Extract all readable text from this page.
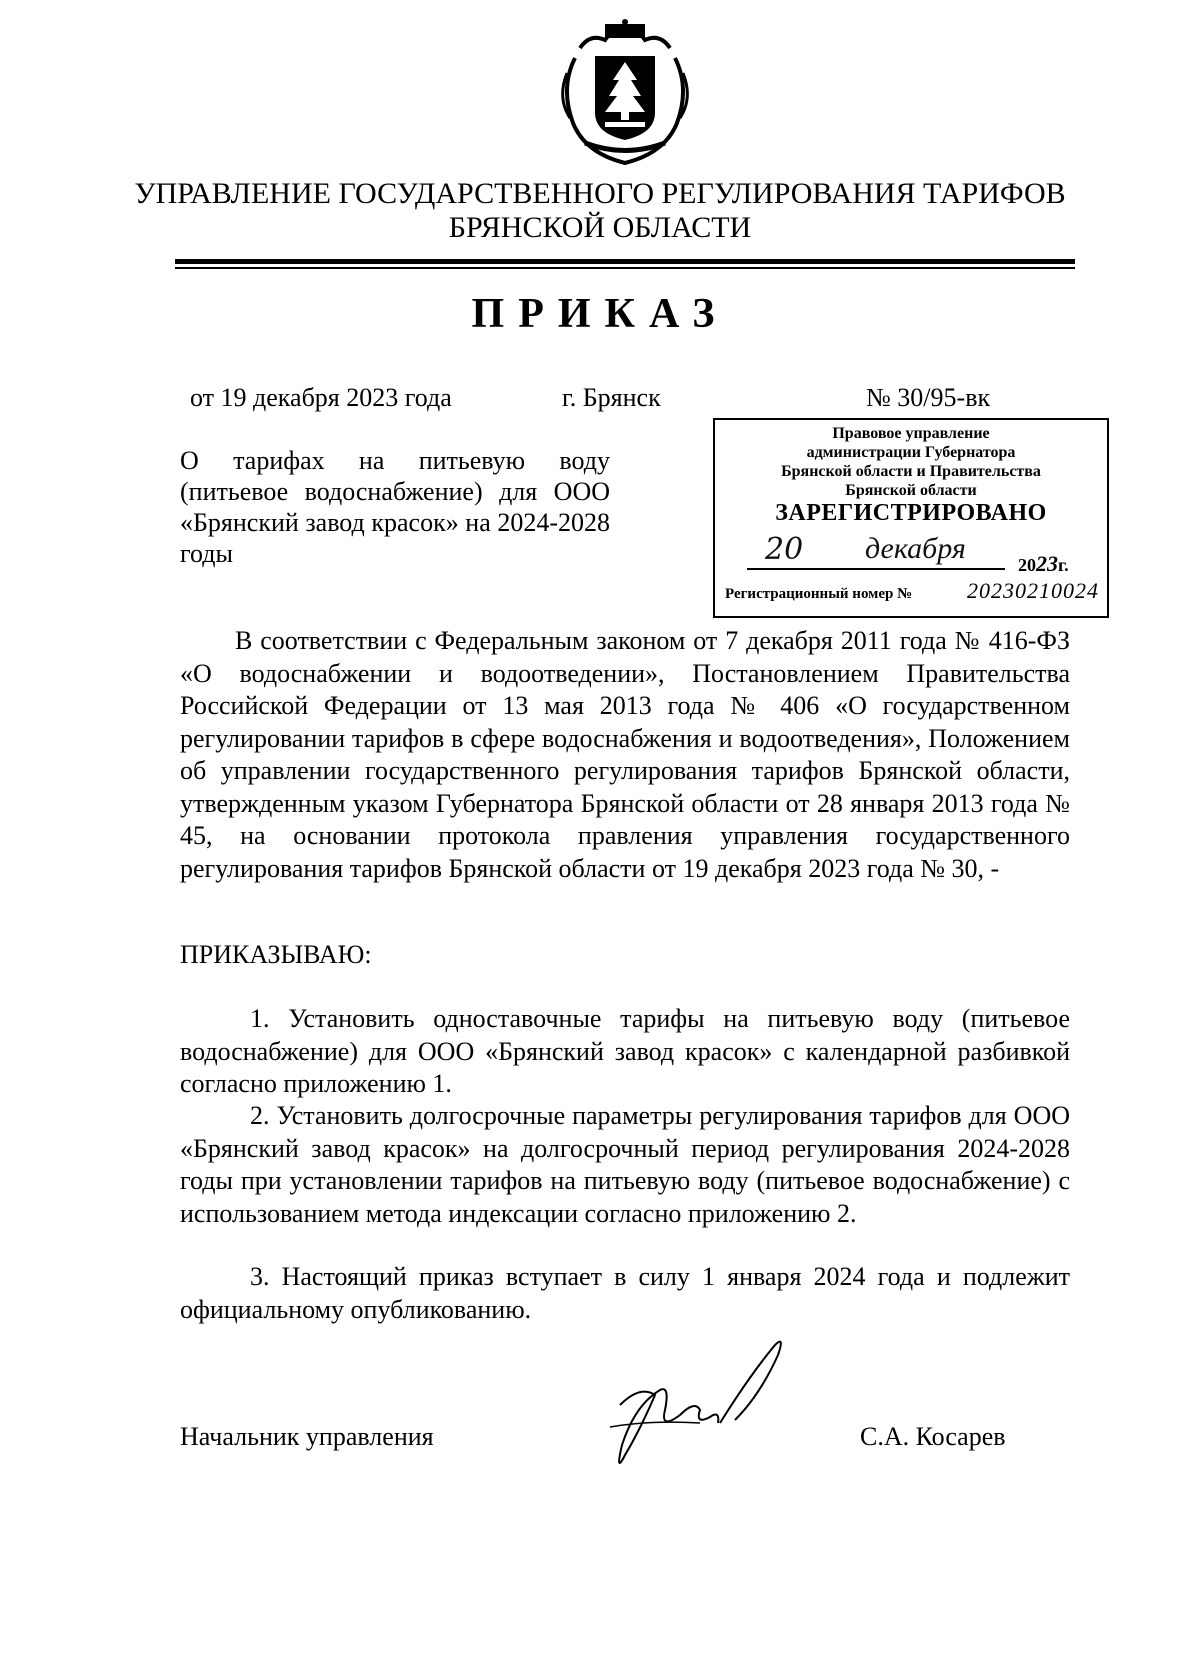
УПРАВЛЕНИЕ ГОСУДАРСТВЕННОГО РЕГУЛИРОВАНИЯ ТАРИФОВ
БРЯНСКОЙ ОБЛАСТИ
ПРИКАЗ
от 19 декабря 2023 года	г. Брянск	№ 30/95-вк
О тарифах на питьевую воду (питьевое водоснабжение) для ООО «Брянский завод красок» на 2024-2028 годы
Правовое управление
администрации Губернатора
Брянской области и Правительства
Брянской области
ЗАРЕГИСТРИРОВАНО
20 декабря	2023г.
Регистрационный номер № 20230210024
В соответствии с Федеральным законом от 7 декабря 2011 года № 416-ФЗ «О водоснабжении и водоотведении», Постановлением Правительства Российской Федерации от 13 мая 2013 года № 406 «О государственном регулировании тарифов в сфере водоснабжения и водоотведения», Положением об управлении государственного регулирования тарифов Брянской области, утвержденным указом Губернатора Брянской области от 28 января 2013 года № 45, на основании протокола правления управления государственного регулирования тарифов Брянской области от 19 декабря 2023 года № 30, -
ПРИКАЗЫВАЮ:
1. Установить одноставочные тарифы на питьевую воду (питьевое водоснабжение) для ООО «Брянский завод красок» с календарной разбивкой согласно приложению 1.
2. Установить долгосрочные параметры регулирования тарифов для ООО «Брянский завод красок» на долгосрочный период регулирования 2024-2028 годы при установлении тарифов на питьевую воду (питьевое водоснабжение) с использованием метода индексации согласно приложению 2.
3. Настоящий приказ вступает в силу 1 января 2024 года и подлежит официальному опубликованию.
Начальник управления	С.А. Косарев
